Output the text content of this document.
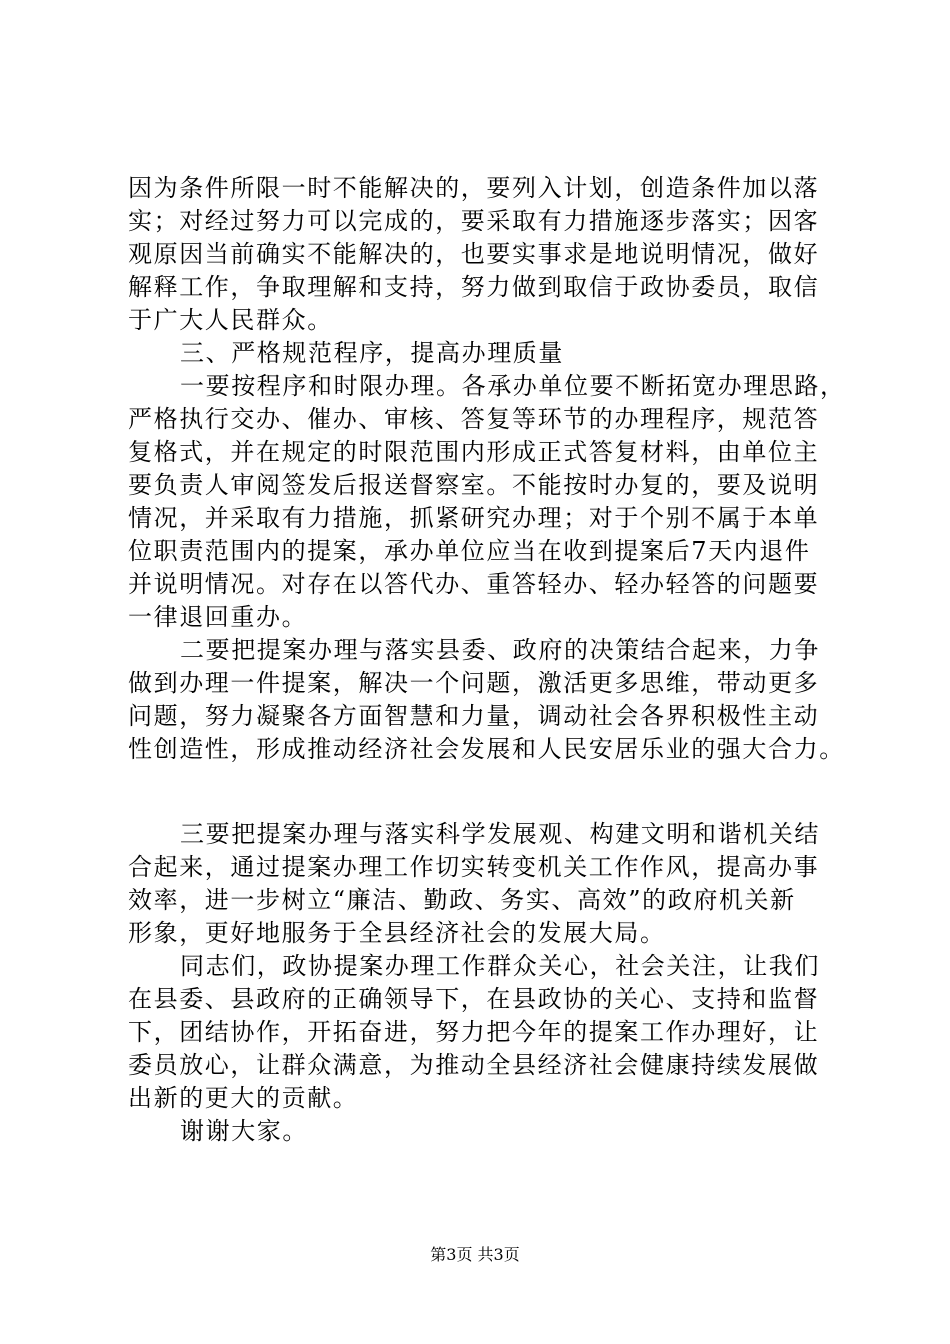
因为条件所限一时不能解决的，要列入计划，创造条件加以落
实；对经过努力可以完成的，要采取有力措施逐步落实；因客
观原因当前确实不能解决的，也要实事求是地说明情况，做好
解释工作，争取理解和支持，努力做到取信于政协委员，取信
于广大人民群众。
三、严格规范程序，提高办理质量
一要按程序和时限办理。各承办单位要不断拓宽办理思路，
严格执行交办、催办、审核、答复等环节的办理程序，规范答
复格式，并在规定的时限范围内形成正式答复材料，由单位主
要负责人审阅签发后报送督察室。不能按时办复的，要及说明
情况，并采取有力措施，抓紧研究办理；对于个别不属于本单
位职责范围内的提案，承办单位应当在收到提案后7天内退件
并说明情况。对存在以答代办、重答轻办、轻办轻答的问题要
一律退回重办。
二要把提案办理与落实县委、政府的决策结合起来，力争
做到办理一件提案，解决一个问题，激活更多思维，带动更多
问题，努力凝聚各方面智慧和力量，调动社会各界积极性主动
性创造性，形成推动经济社会发展和人民安居乐业的强大合力。
三要把提案办理与落实科学发展观、构建文明和谐机关结
合起来，通过提案办理工作切实转变机关工作作风，提高办事
效率，进一步树立“廉洁、勤政、务实、高效”的政府机关新
形象，更好地服务于全县经济社会的发展大局。
同志们，政协提案办理工作群众关心，社会关注，让我们
在县委、县政府的正确领导下，在县政协的关心、支持和监督
下，团结协作，开拓奋进，努力把今年的提案工作办理好，让
委员放心，让群众满意，为推动全县经济社会健康持续发展做
出新的更大的贡献。
谢谢大家。
第3页 共3页
